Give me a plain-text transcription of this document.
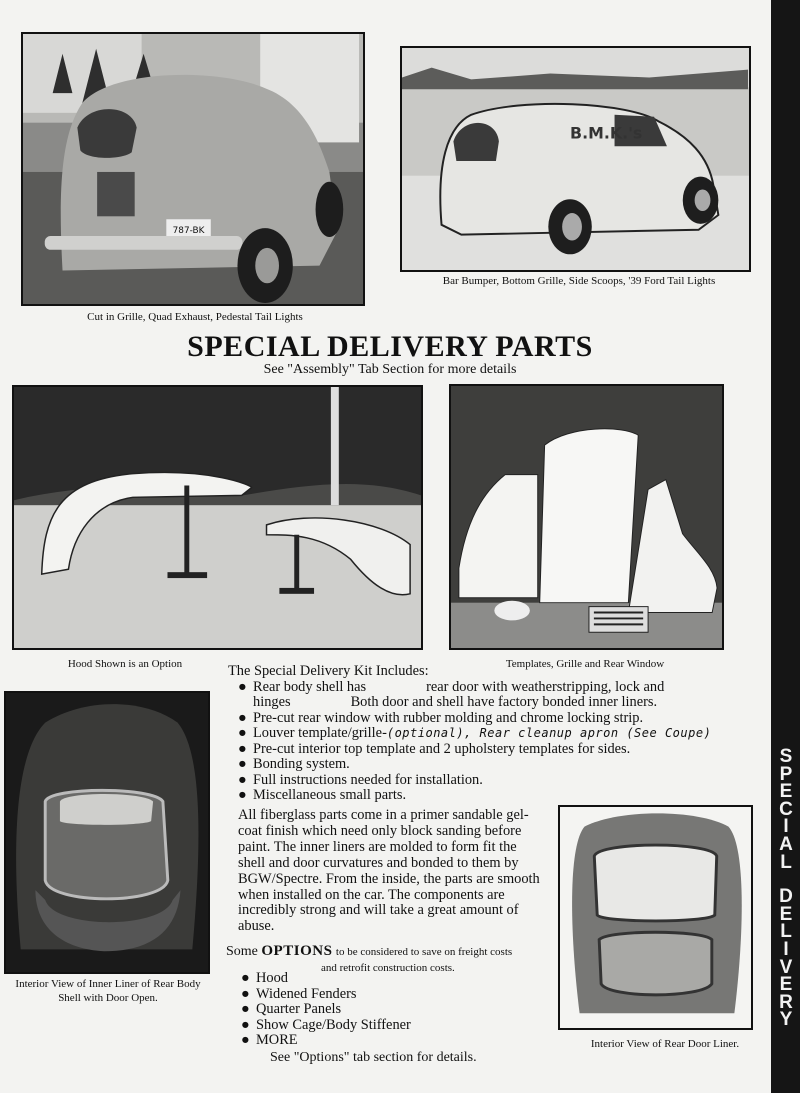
S
P
E
C
I
A
L
D
E
L
I
V
E
R
Y
787-BK
Cut in Grille, Quad Exhaust, Pedestal Tail Lights
B.M.K.'s
Bar Bumper, Bottom Grille, Side Scoops, '39 Ford Tail Lights
SPECIAL DELIVERY PARTS
See "Assembly" Tab Section for more details
Hood Shown is an Option	Templates, Grille and Rear Window
The Special Delivery Kit Includes:
● Rear body shell has	rear door with weatherstripping, lock and
hinges	Both door and shell have factory bonded inner liners.
● Pre-cut rear window with rubber molding and chrome locking strip.
● Louver template/grille-(optional), Rear cleanup apron (See Coupe)
● Pre-cut interior top template and 2 upholstery templates for sides.
● Bonding system.
● Full instructions needed for installation.
● Miscellaneous small parts.
Interior View of Inner Liner of Rear Body Shell with Door Open.
All fiberglass parts come in a primer sandable gel-coat finish which need only block sanding before paint. The inner liners are molded to form fit the shell and door curvatures and bonded to them by BGW/Spectre. From the inside, the parts are smooth when installed on the car. The components are incredibly strong and will take a great amount of abuse.
Interior View of Rear Door Liner.
Some OPTIONS to be considered to save on freight costs
and retrofit construction costs.
● Hood
● Widened Fenders
● Quarter Panels
● Show Cage/Body Stiffener
● MORE
See "Options" tab section for details.
